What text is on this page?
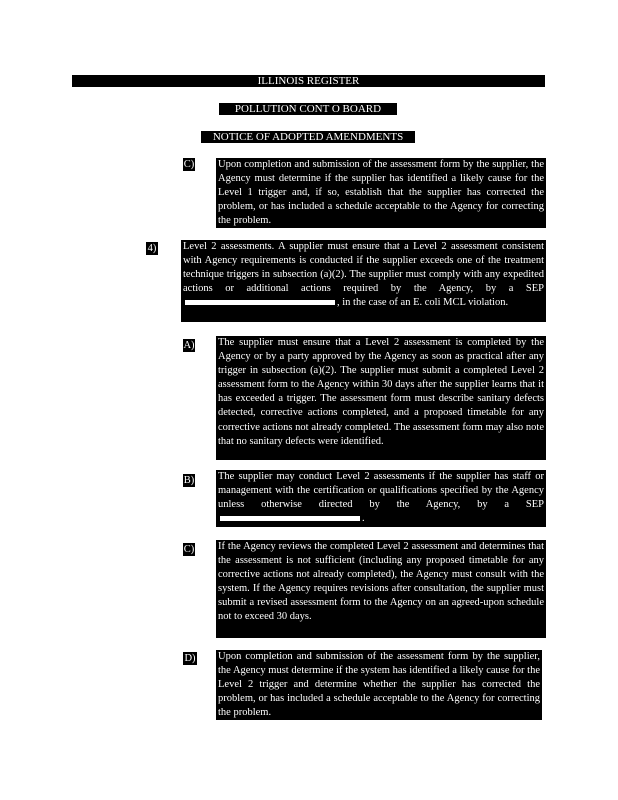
ILLINOIS REGISTER
POLLUTION CONT O BOARD
NOTICE OF ADOPTED AMENDMENTS
C) Upon completion and submission of the assessment form by the supplier, the Agency must determine if the supplier has identified a likely cause for the Level 1 trigger and, if so, establish that the supplier has corrected the problem, or has included a schedule acceptable to the Agency for correcting the problem.
4)	Level 2 assessments. A supplier must ensure that a Level 2 assessment consistent with Agency requirements is conducted if the supplier exceeds one of the treatment technique triggers in subsection (a)(2). The supplier must comply with any expedited actions or additional actions required by the Agency, by a SEP, in the case of an E. coli MCL violation.
A) The supplier must ensure that a Level 2 assessment is completed by the Agency or by a party approved by the Agency as soon as practical after any trigger in subsection (a)(2). The supplier must submit a completed Level 2 assessment form to the Agency within 30 days after the supplier learns that it has exceeded a trigger. The assessment form must describe sanitary defects detected, corrective actions completed, and a proposed timetable for any corrective actions not already completed. The assessment form may also note that no sanitary defects were identified.
B) The supplier may conduct Level 2 assessments if the supplier has staff or management with the certification or qualifications specified by the Agency unless otherwise directed by the Agency, by a SEP.
C) If the Agency reviews the completed Level 2 assessment and determines that the assessment is not sufficient (including any proposed timetable for any corrective actions not already completed), the Agency must consult with the system. If the Agency requires revisions after consultation, the supplier must submit a revised assessment form to the Agency on an agreed-upon schedule not to exceed 30 days.
D) Upon completion and submission of the assessment form by the supplier, the Agency must determine if the system has identified a likely cause for the Level 2 trigger and determine whether the supplier has corrected the problem, or has included a schedule acceptable to the Agency for correcting the problem.
